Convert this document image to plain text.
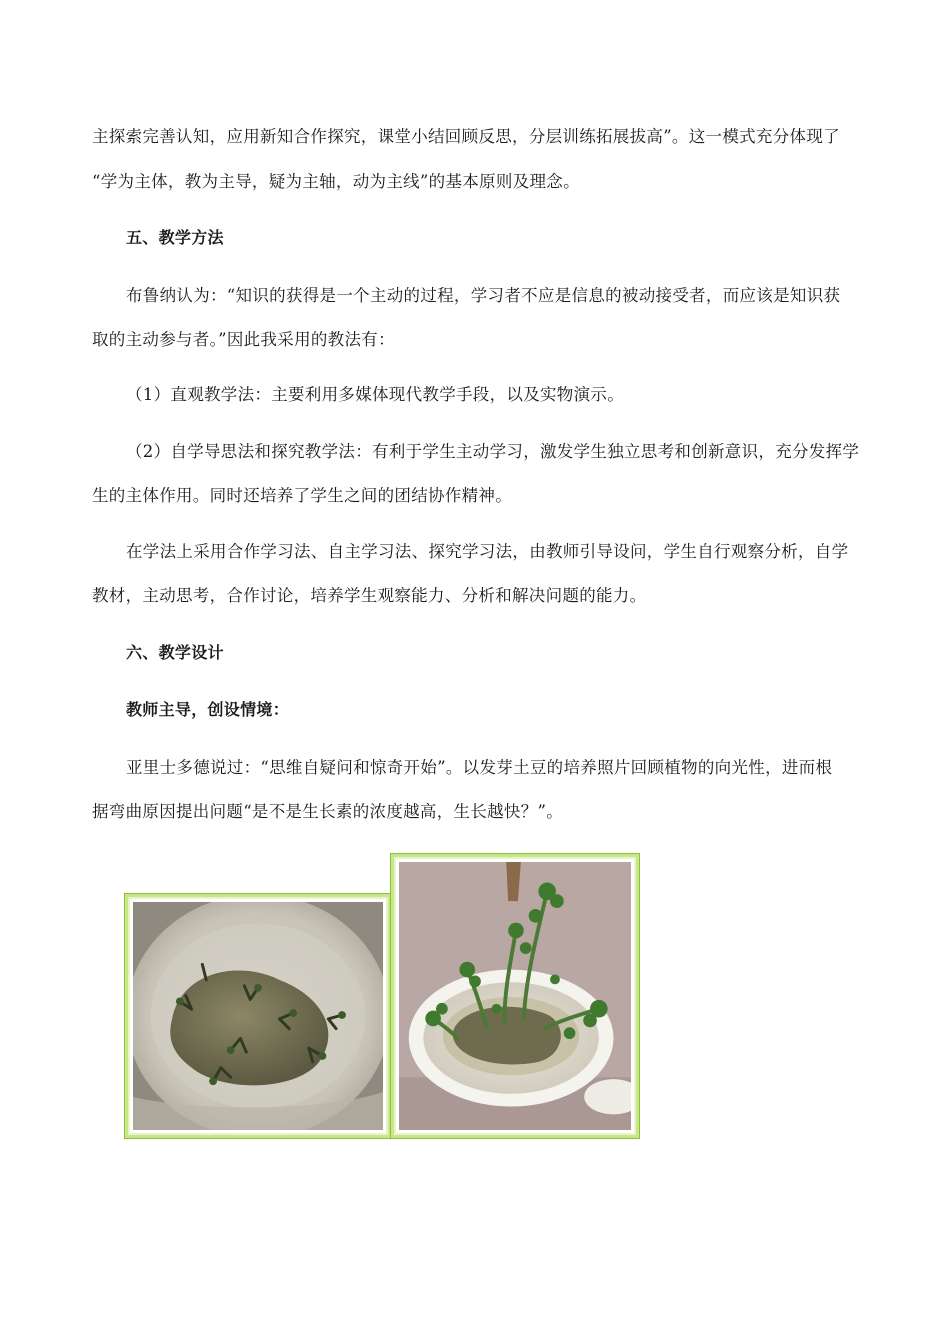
主探索完善认知，应用新知合作探究，课堂小结回顾反思，分层训练拓展拔高”。这一模式充分体现了
“学为主体，教为主导，疑为主轴，动为主线”的基本原则及理念。
五、教学方法
布鲁纳认为：“知识的获得是一个主动的过程，学习者不应是信息的被动接受者，而应该是知识获
取的主动参与者。”因此我采用的教法有：
（1）直观教学法：主要利用多媒体现代教学手段，以及实物演示。
（2）自学导思法和探究教学法：有利于学生主动学习，激发学生独立思考和创新意识，充分发挥学
生的主体作用。同时还培养了学生之间的团结协作精神。
在学法上采用合作学习法、自主学习法、探究学习法，由教师引导设问，学生自行观察分析，自学
教材，主动思考，合作讨论，培养学生观察能力、分析和解决问题的能力。
六、教学设计
教师主导，创设情境：
亚里士多德说过：“思维自疑问和惊奇开始”。以发芽土豆的培养照片回顾植物的向光性，进而根
据弯曲原因提出问题“是不是生长素的浓度越高，生长越快？”。
